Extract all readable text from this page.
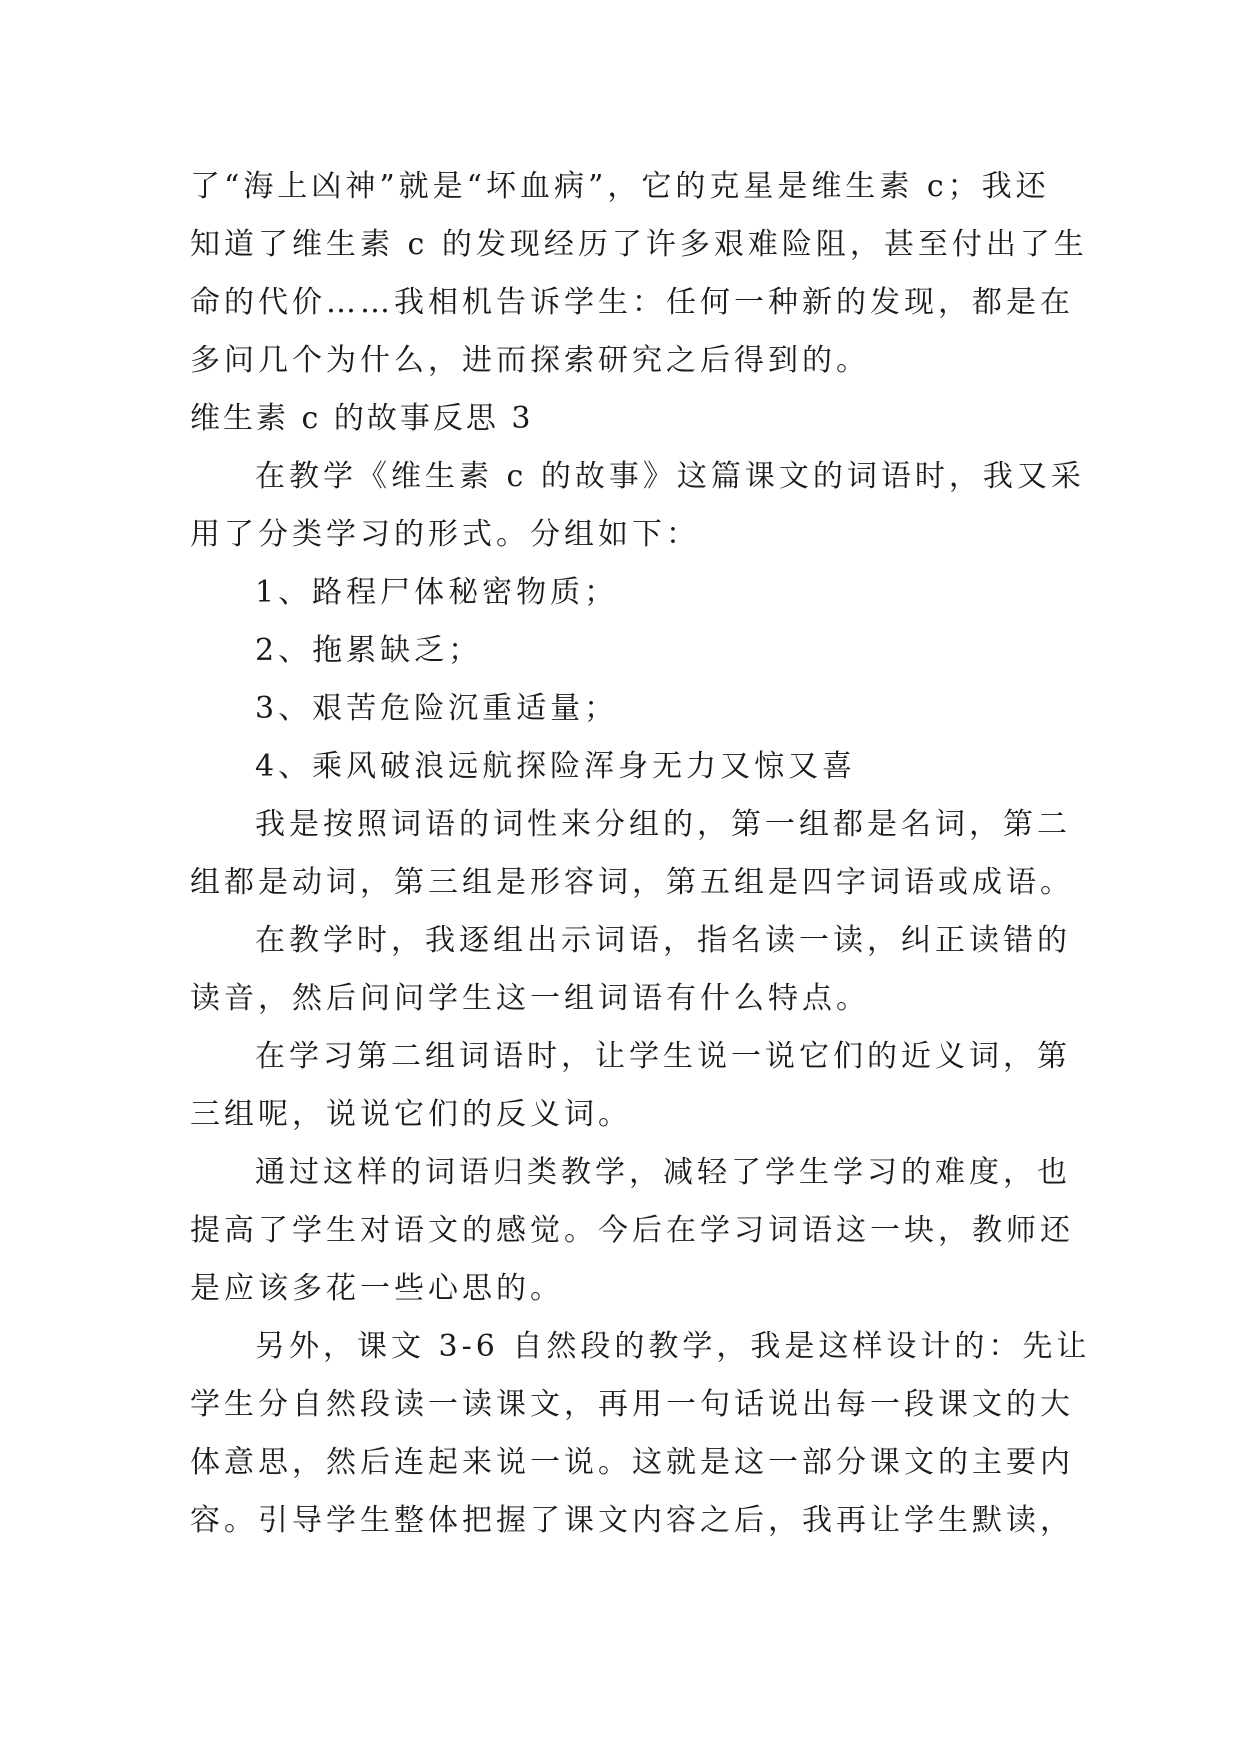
了“海上凶神”就是“坏血病”，它的克星是维生素 c；我还
知道了维生素 c 的发现经历了许多艰难险阻，甚至付出了生
命的代价……我相机告诉学生：任何一种新的发现，都是在
多问几个为什么，进而探索研究之后得到的。
维生素 c 的故事反思 3
在教学《维生素 c 的故事》这篇课文的词语时，我又采
用了分类学习的形式。分组如下：
1、路程尸体秘密物质；
2、拖累缺乏；
3、艰苦危险沉重适量；
4、乘风破浪远航探险浑身无力又惊又喜
我是按照词语的词性来分组的，第一组都是名词，第二
组都是动词，第三组是形容词，第五组是四字词语或成语。
在教学时，我逐组出示词语，指名读一读，纠正读错的
读音，然后问问学生这一组词语有什么特点。
在学习第二组词语时，让学生说一说它们的近义词，第
三组呢，说说它们的反义词。
通过这样的词语归类教学，减轻了学生学习的难度，也
提高了学生对语文的感觉。今后在学习词语这一块，教师还
是应该多花一些心思的。
另外，课文 3-6 自然段的教学，我是这样设计的：先让
学生分自然段读一读课文，再用一句话说出每一段课文的大
体意思，然后连起来说一说。这就是这一部分课文的主要内
容。引导学生整体把握了课文内容之后，我再让学生默读，
